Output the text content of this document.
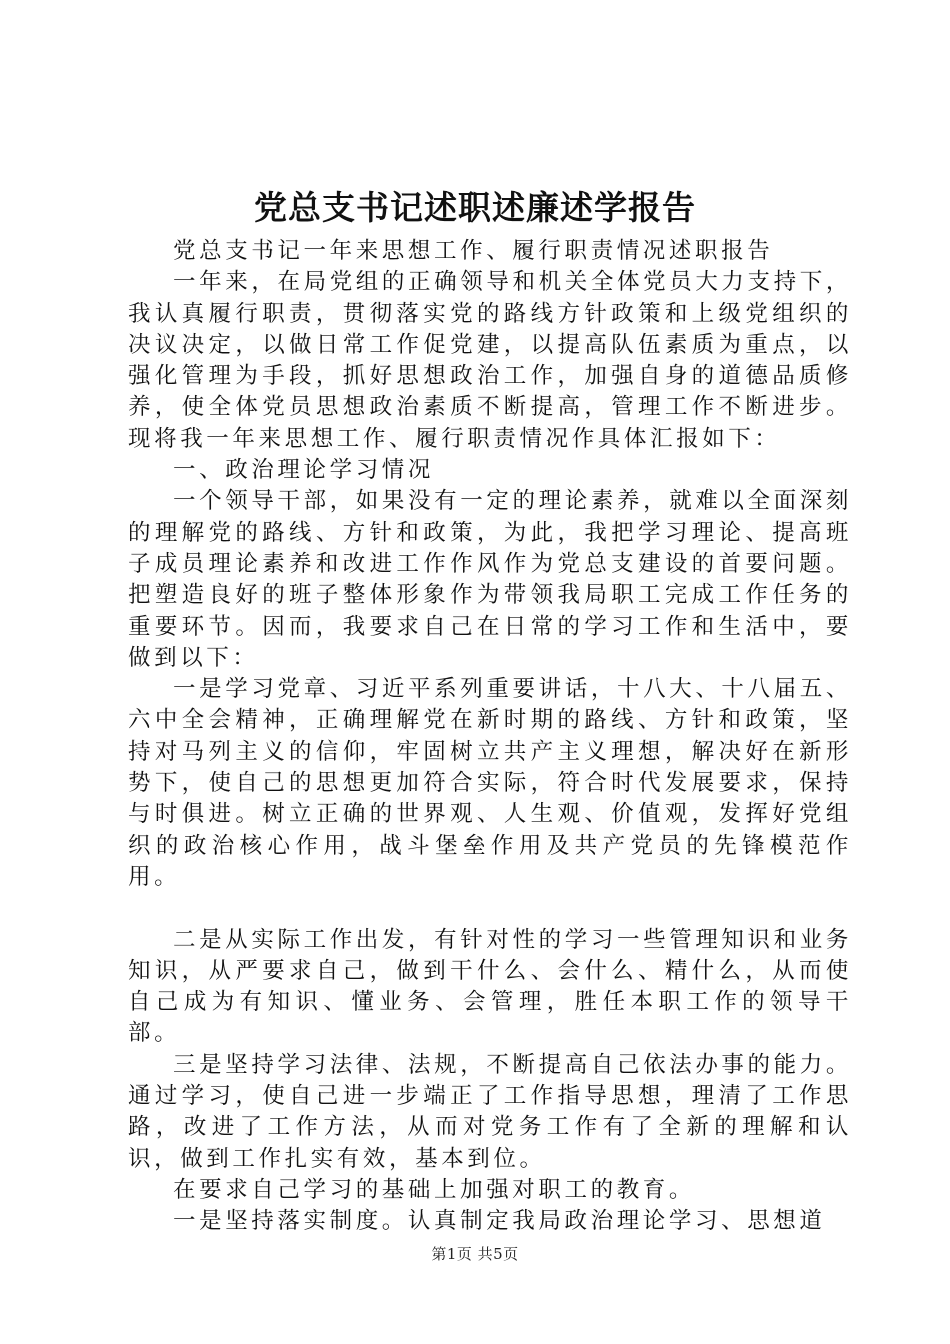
党总支书记述职述廉述学报告

党总支书记一年来思想工作、履行职责情况述职报告

一年来，在局党组的正确领导和机关全体党员大力支持下，我认真履行职责，贯彻落实党的路线方针政策和上级党组织的决议决定，以做日常工作促党建，以提高队伍素质为重点，以强化管理为手段，抓好思想政治工作，加强自身的道德品质修养，使全体党员思想政治素质不断提高，管理工作不断进步。现将我一年来思想工作、履行职责情况作具体汇报如下：

一、政治理论学习情况

一个领导干部，如果没有一定的理论素养，就难以全面深刻的理解党的路线、方针和政策，为此，我把学习理论、提高班子成员理论素养和改进工作作风作为党总支建设的首要问题。把塑造良好的班子整体形象作为带领我局职工完成工作任务的重要环节。因而，我要求自己在日常的学习工作和生活中，要做到以下：

一是学习党章、习近平系列重要讲话，十八大、十八届五、六中全会精神，正确理解党在新时期的路线、方针和政策，坚持对马列主义的信仰，牢固树立共产主义理想，解决好在新形势下，使自己的思想更加符合实际，符合时代发展要求，保持与时俱进。树立正确的世界观、人生观、价值观，发挥好党组织的政治核心作用，战斗堡垒作用及共产党员的先锋模范作用。

二是从实际工作出发，有针对性的学习一些管理知识和业务知识，从严要求自己，做到干什么、会什么、精什么，从而使自己成为有知识、懂业务、会管理，胜任本职工作的领导干部。

三是坚持学习法律、法规，不断提高自己依法办事的能力。通过学习，使自己进一步端正了工作指导思想，理清了工作思路，改进了工作方法，从而对党务工作有了全新的理解和认识，做到工作扎实有效，基本到位。

在要求自己学习的基础上加强对职工的教育。

一是坚持落实制度。认真制定我局政治理论学习、思想道

第1页 共5页
